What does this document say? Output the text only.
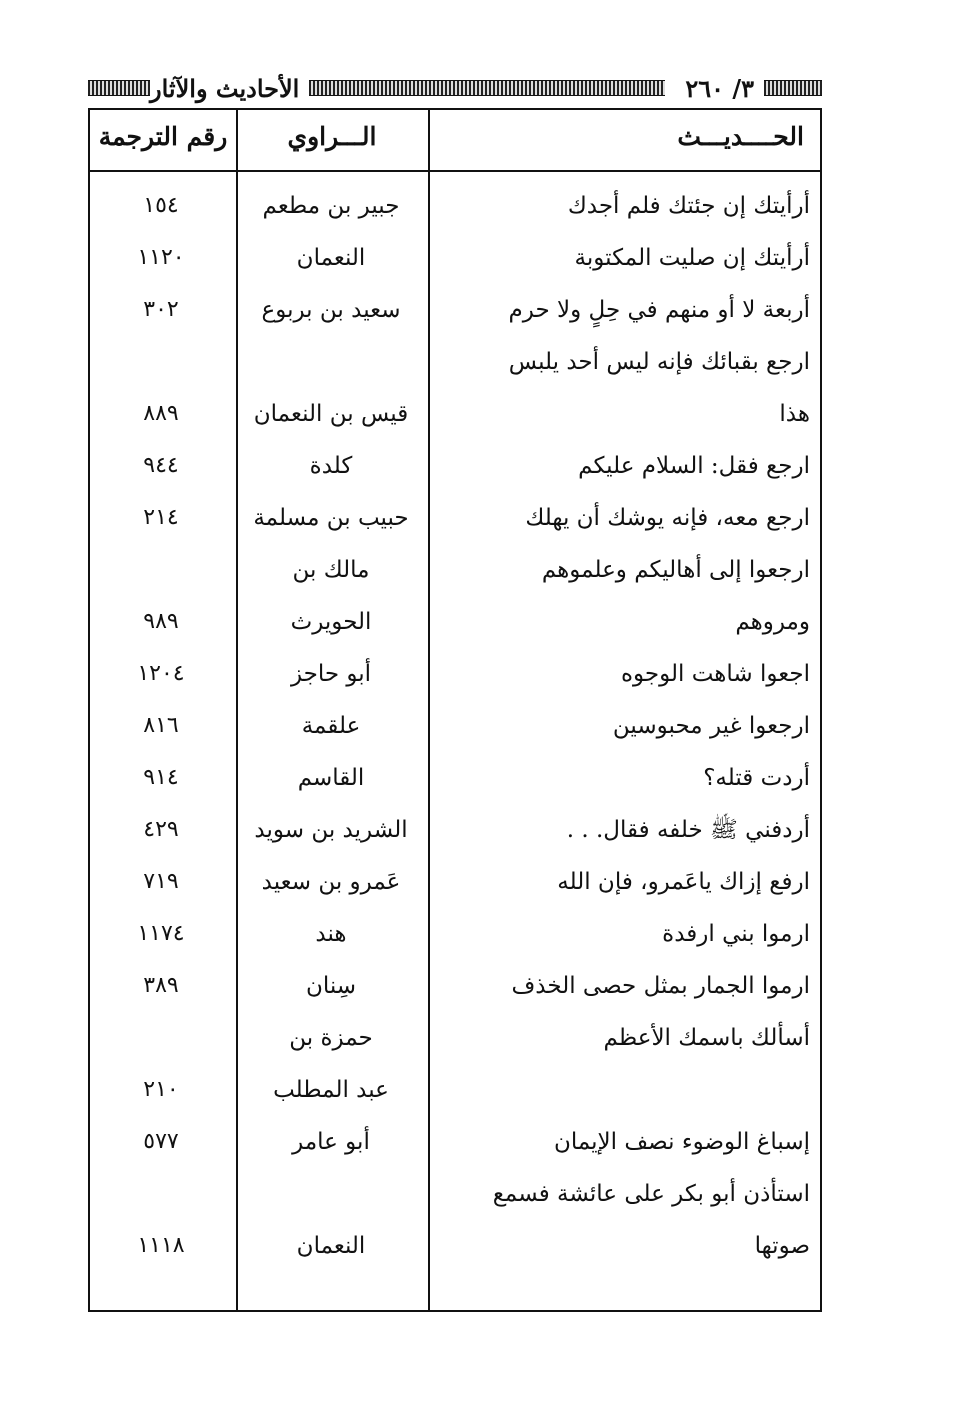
الأحاديث والآثار	٣/ ٢٦٠
الحــــديـــث
الـــراوي
رقم الترجمة
أرأيتك إن جئتك فلم أجدك
جبير بن مطعم
١٥٤
أرأيتك إن صليت المكتوبة
النعمان
١١٢٠
أربعة لا أو منهم في حِلٍ ولا حرم
سعيد بن بربوع
٣٠٢
ارجع بقبائك فإنه ليس أحد يلبس
هذا
قيس بن النعمان
٨٨٩
ارجع فقل: السلام عليكم
كلدة
٩٤٤
ارجع معه، فإنه يوشك أن يهلك
حبيب بن مسلمة
٢١٤
ارجعوا إلى أهاليكم وعلموهم
مالك بن
ومروهم
الحويرث
٩٨٩
اجعوا شاهت الوجوه
أبو حاجز
١٢٠٤
ارجعوا غير محبوسين
علقمة
٨١٦
أردت قتله؟
القاسم
٩١٤
أردفني ﷺ خلفه فقال. . .
الشريد بن سويد
٤٢٩
ارفع إزاك ياعَمرو، فإن الله
عَمرو بن سعيد
٧١٩
ارموا بني ارفدة
هند
١١٧٤
ارموا الجمار بمثل حصى الخذف
سِنان
٣٨٩
أسألك باسمك الأعظم
حمزة بن
عبد المطلب
٢١٠
إسباغ الوضوء نصف الإيمان
أبو عامر
٥٧٧
استأذن أبو بكر على عائشة فسمع
صوتها
النعمان
١١١٨
